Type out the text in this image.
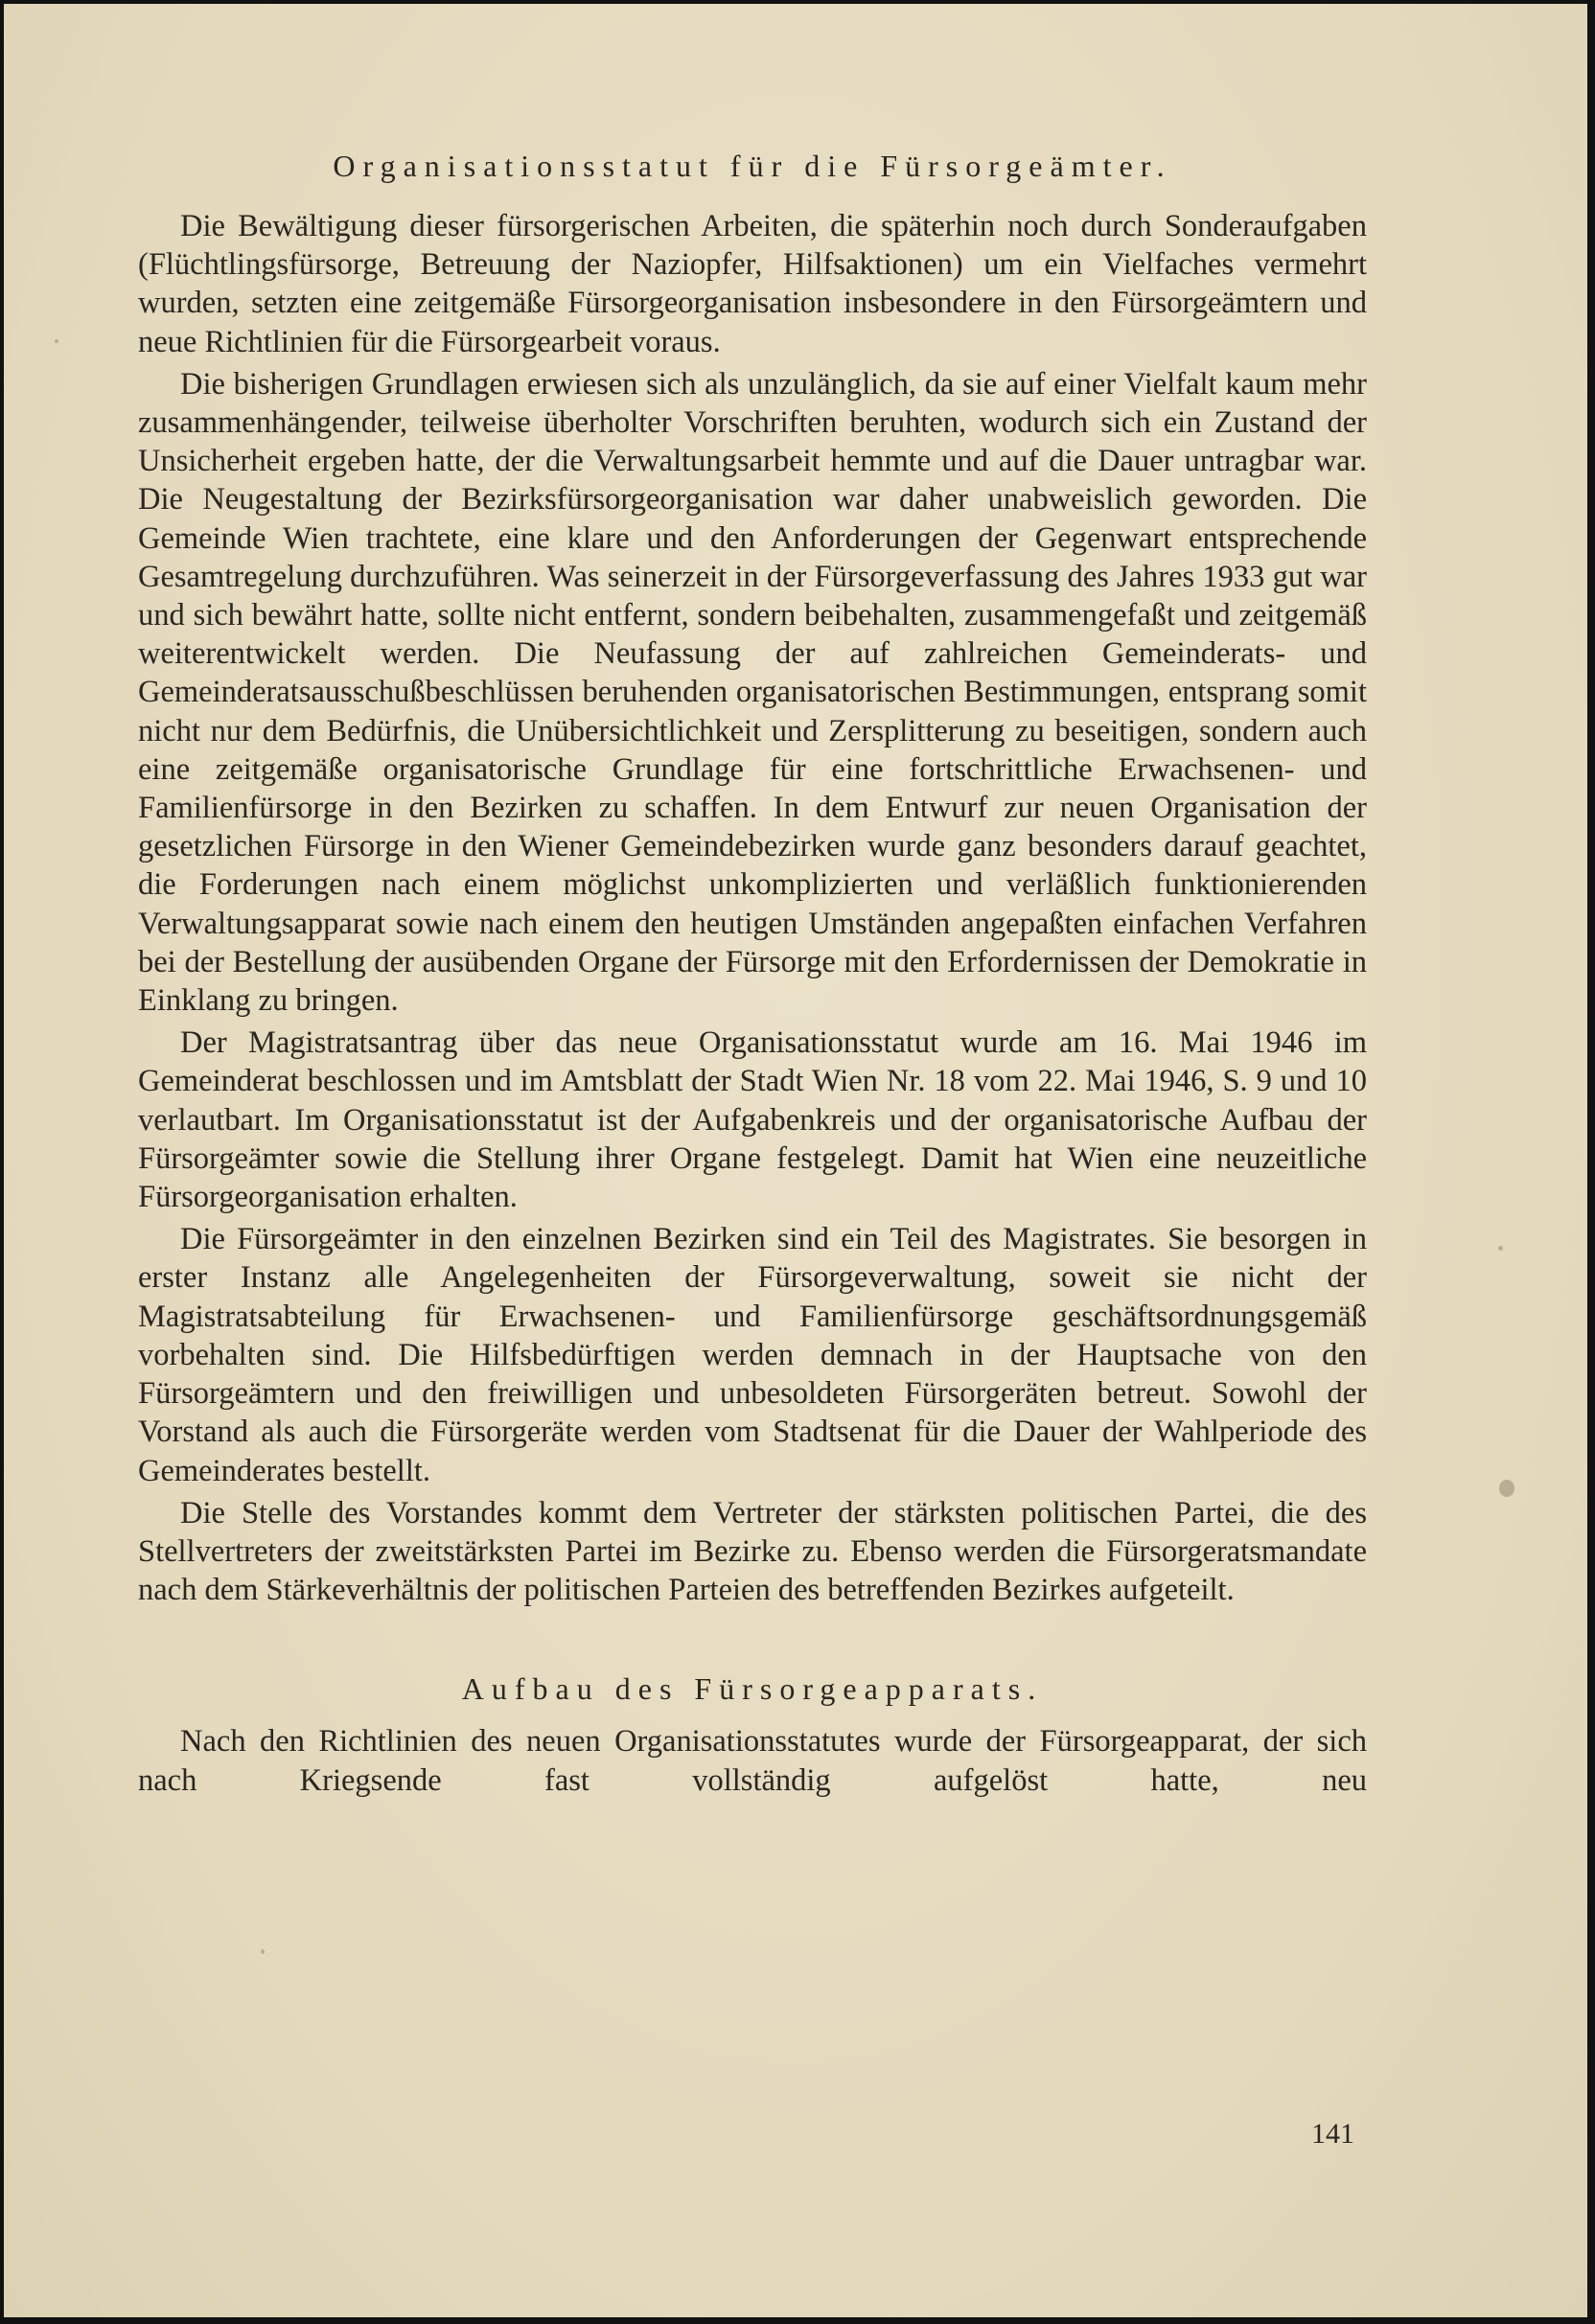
Organisationsstatut für die Fürsorgeämter.

Die Bewältigung dieser fürsorgerischen Arbeiten, die späterhin noch durch Sonderaufgaben (Flüchtlingsfürsorge, Betreuung der Naziopfer, Hilfsaktionen) um ein Vielfaches vermehrt wurden, setzten eine zeitgemäße Fürsorgeorganisation insbesondere in den Fürsorgeämtern und neue Richtlinien für die Fürsorgearbeit voraus.

Die bisherigen Grundlagen erwiesen sich als unzulänglich, da sie auf einer Vielfalt kaum mehr zusammenhängender, teilweise überholter Vorschriften beruhten, wodurch sich ein Zustand der Unsicherheit ergeben hatte, der die Verwaltungsarbeit hemmte und auf die Dauer untragbar war. Die Neugestaltung der Bezirksfürsorgeorganisation war daher unabweislich geworden. Die Gemeinde Wien trachtete, eine klare und den Anforderungen der Gegenwart entsprechende Gesamtregelung durchzuführen. Was seinerzeit in der Fürsorgeverfassung des Jahres 1933 gut war und sich bewährt hatte, sollte nicht entfernt, sondern beibehalten, zusammengefaßt und zeitgemäß weiterentwickelt werden. Die Neufassung der auf zahlreichen Gemeinderats- und Gemeinderatsausschußbeschlüssen beruhenden organisatorischen Bestimmungen, entsprang somit nicht nur dem Bedürfnis, die Unübersichtlichkeit und Zersplitterung zu beseitigen, sondern auch eine zeitgemäße organisatorische Grundlage für eine fortschrittliche Erwachsenen- und Familienfürsorge in den Bezirken zu schaffen. In dem Entwurf zur neuen Organisation der gesetzlichen Fürsorge in den Wiener Gemeindebezirken wurde ganz besonders darauf geachtet, die Forderungen nach einem möglichst unkomplizierten und verläßlich funktionierenden Verwaltungsapparat sowie nach einem den heutigen Umständen angepaßten einfachen Verfahren bei der Bestellung der ausübenden Organe der Fürsorge mit den Erfordernissen der Demokratie in Einklang zu bringen.

Der Magistratsantrag über das neue Organisationsstatut wurde am 16. Mai 1946 im Gemeinderat beschlossen und im Amtsblatt der Stadt Wien Nr. 18 vom 22. Mai 1946, S. 9 und 10 verlautbart. Im Organisationsstatut ist der Aufgabenkreis und der organisatorische Aufbau der Fürsorgeämter sowie die Stellung ihrer Organe festgelegt. Damit hat Wien eine neuzeitliche Fürsorgeorganisation erhalten.

Die Fürsorgeämter in den einzelnen Bezirken sind ein Teil des Magistrates. Sie besorgen in erster Instanz alle Angelegenheiten der Fürsorgeverwaltung, soweit sie nicht der Magistratsabteilung für Erwachsenen- und Familienfürsorge geschäftsordnungsgemäß vorbehalten sind. Die Hilfsbedürftigen werden demnach in der Hauptsache von den Fürsorgeämtern und den freiwilligen und unbesoldeten Fürsorgeräten betreut. Sowohl der Vorstand als auch die Fürsorgeräte werden vom Stadtsenat für die Dauer der Wahlperiode des Gemeinderates bestellt.

Die Stelle des Vorstandes kommt dem Vertreter der stärksten politischen Partei, die des Stellvertreters der zweitstärksten Partei im Bezirke zu. Ebenso werden die Fürsorgeratsmandate nach dem Stärkeverhältnis der politischen Parteien des betreffenden Bezirkes aufgeteilt.

Aufbau des Fürsorgeapparats.

Nach den Richtlinien des neuen Organisationsstatutes wurde der Fürsorgeapparat, der sich nach Kriegsende fast vollständig aufgelöst hatte, neu

141
